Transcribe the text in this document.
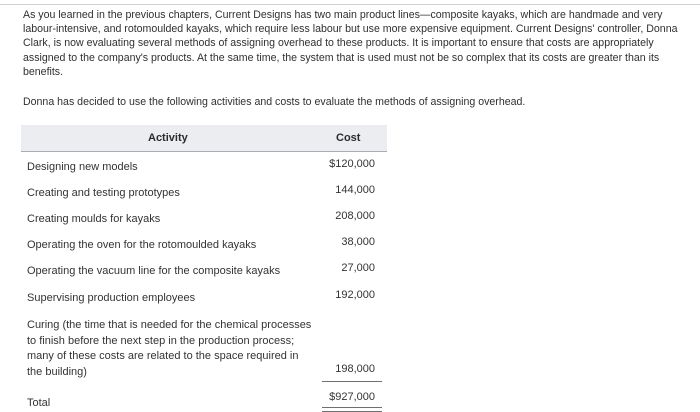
As you learned in the previous chapters, Current Designs has two main product lines—composite kayaks, which are handmade and very labour-intensive, and rotomoulded kayaks, which require less labour but use more expensive equipment. Current Designs' controller, Donna Clark, is now evaluating several methods of assigning overhead to these products. It is important to ensure that costs are appropriately assigned to the company's products. At the same time, the system that is used must not be so complex that its costs are greater than its benefits.

Donna has decided to use the following activities and costs to evaluate the methods of assigning overhead.

Activity	Cost
Designing new models	$120,000
Creating and testing prototypes	144,000
Creating moulds for kayaks	208,000
Operating the oven for the rotomoulded kayaks	38,000
Operating the vacuum line for the composite kayaks	27,000
Supervising production employees	192,000
Curing (the time that is needed for the chemical processes to finish before the next step in the production process; many of these costs are related to the space required in the building)	198,000
Total	$927,000
